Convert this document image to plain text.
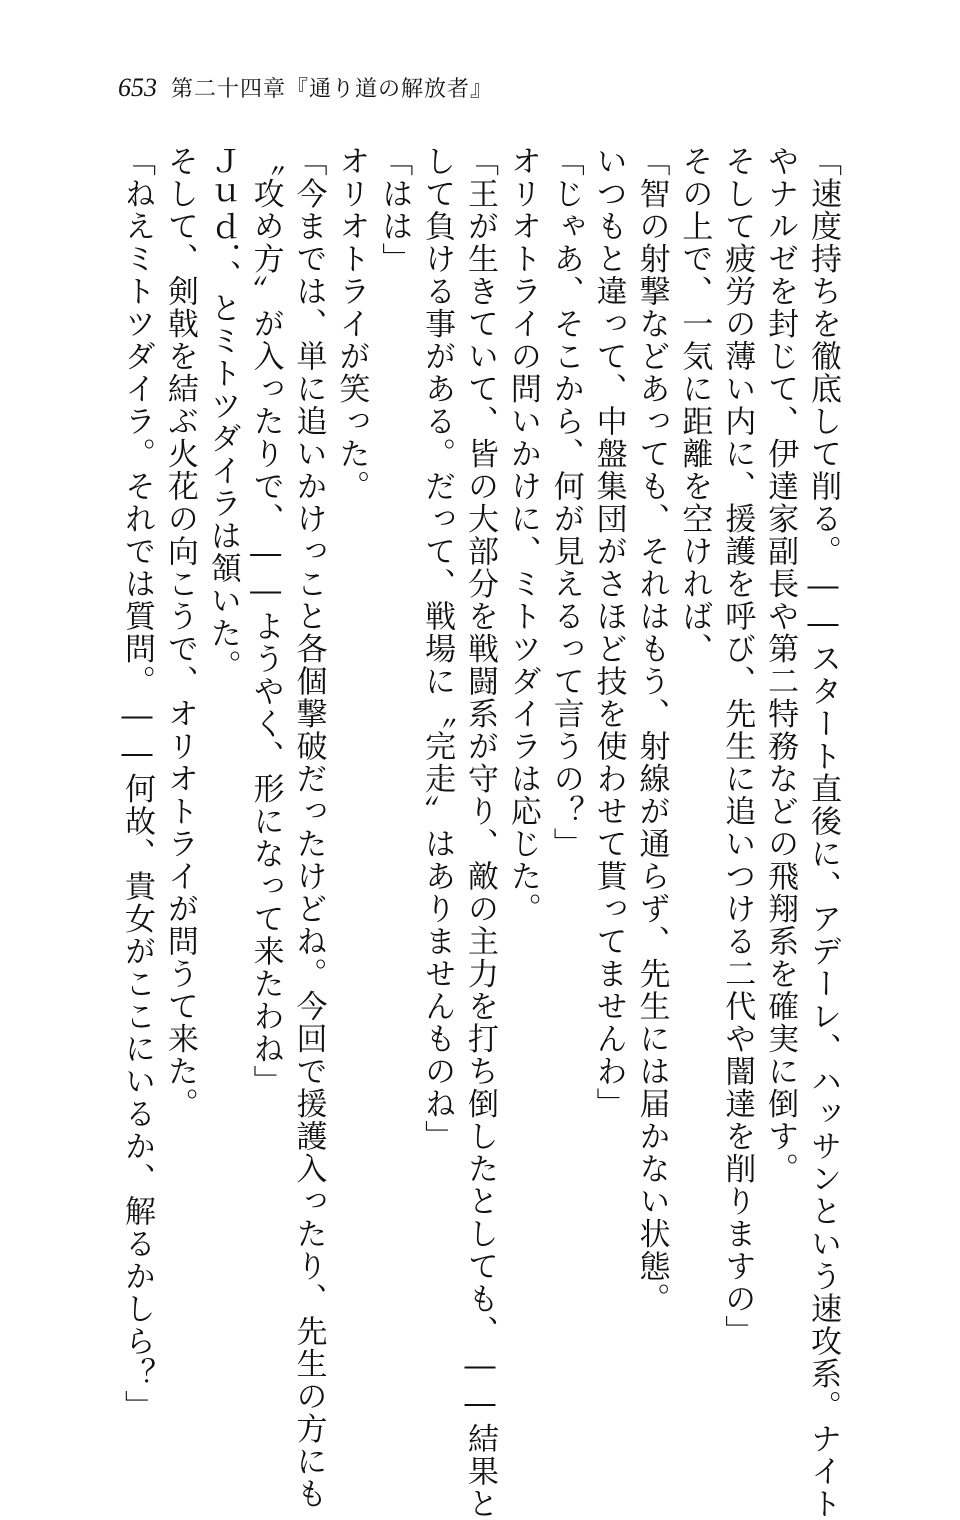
653 第二十四章『通り道の解放者』
「速度持ちを徹底して削る。――スタート直後に、アデーレ、ハッサンという速攻系。ナイト
やナルゼを封じて、伊達家副長や第二特務などの飛翔系を確実に倒す。
そして疲労の薄い内に、援護を呼び、先生に追いつける二代や闇達を削りますの」
その上で、一気に距離を空ければ、
「智の射撃などあっても、それはもう、射線が通らず、先生には届かない状態。
いつもと違って、中盤集団がさほど技を使わせて貰ってませんわ」
「じゃあ、そこから、何が見えるって言うの？」
オリオトライの問いかけに、ミトツダイラは応じた。
「王が生きていて、皆の大部分を戦闘系が守り、敵の主力を打ち倒したとしても、――結果と
して負ける事がある。だって、戦場に〝完走〟はありませんものね」
「はは」
オリオトライが笑った。
「今までは、単に追いかけっこと各個撃破だったけどね。今回で援護入ったり、先生の方にも
〝攻め方〟が入ったりで、――ようやく、形になって来たわね」
Ｊｕｄ．、とミトツダイラは頷いた。
そして、剣戟を結ぶ火花の向こうで、オリオトライが問うて来た。
「ねえミトツダイラ。それでは質問。――何故、貴女がここにいるか、解るかしら？」
